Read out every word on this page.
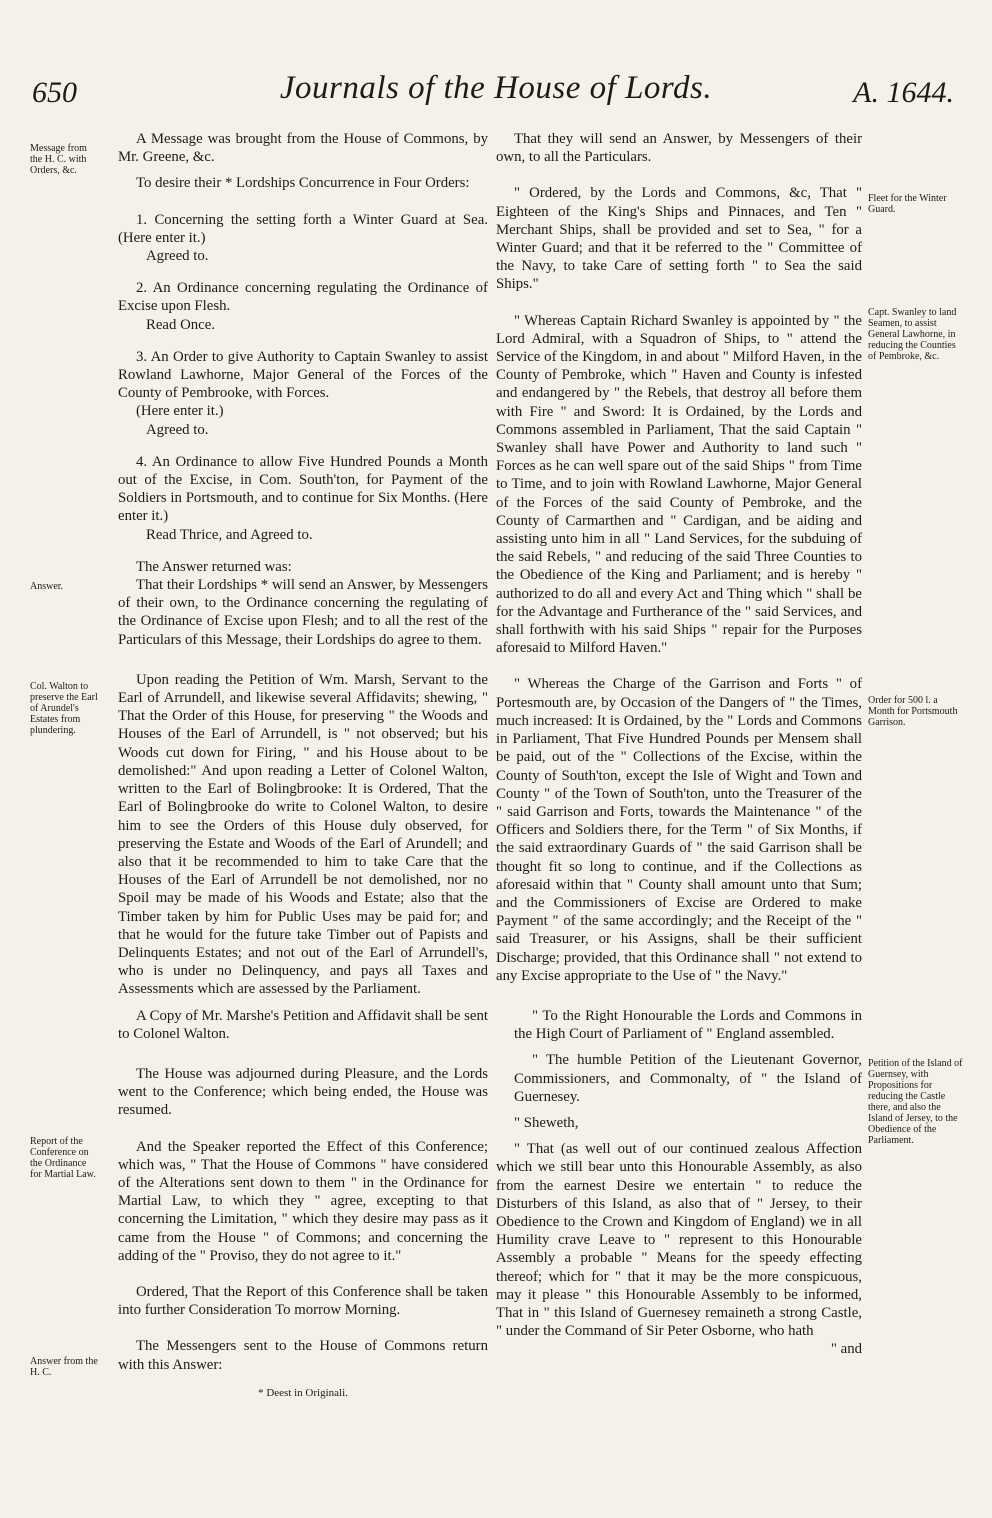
650	Journals of the House of Lords.	A. 1644.
Message from the H. C. with Orders, &c.
Answer.
Col. Walton to preserve the Earl of Arundel's Estates from plundering.
Report of the Conference on the Ordinance for Martial Law.
Answer from the H. C.
Fleet for the Winter Guard.
Capt. Swanley to land Seamen, to assist General Lawhorne, in reducing the Counties of Pembroke, &c.
Order for 500 l. a Month for Portsmouth Garrison.
Petition of the Island of Guernsey, with Propositions for reducing the Castle there, and also the Island of Jersey, to the Obedience of the Parliament.

A Message was brought from the House of Commons, by Mr. Greene, &c.

To desire their * Lordships Concurrence in Four Orders:

1. Concerning the setting forth a Winter Guard at Sea. (Here enter it.)

Agreed to.

2. An Ordinance concerning regulating the Ordinance of Excise upon Flesh.

Read Once.

3. An Order to give Authority to Captain Swanley to assist Rowland Lawhorne, Major General of the Forces of the County of Pembrooke, with Forces.

(Here enter it.)

Agreed to.

4. An Ordinance to allow Five Hundred Pounds a Month out of the Excise, in Com. South'ton, for Payment of the Soldiers in Portsmouth, and to continue for Six Months. (Here enter it.)

Read Thrice, and Agreed to.

The Answer returned was:

That their Lordships * will send an Answer, by Messengers of their own, to the Ordinance concerning the regulating of the Ordinance of Excise upon Flesh; and to all the rest of the Particulars of this Message, their Lordships do agree to them.

Upon reading the Petition of Wm. Marsh, Servant to the Earl of Arrundell, and likewise several Affidavits; shewing, " That the Order of this House, for preserving " the Woods and Houses of the Earl of Arrundell, is " not observed; but his Woods cut down for Firing, " and his House about to be demolished:" And upon reading a Letter of Colonel Walton, written to the Earl of Bolingbrooke: It is Ordered, That the Earl of Bolingbrooke do write to Colonel Walton, to desire him to see the Orders of this House duly observed, for preserving the Estate and Woods of the Earl of Arundell; and also that it be recommended to him to take Care that the Houses of the Earl of Arrundell be not demolished, nor no Spoil may be made of his Woods and Estate; also that the Timber taken by him for Public Uses may be paid for; and that he would for the future take Timber out of Papists and Delinquents Estates; and not out of the Earl of Arrundell's, who is under no Delinquency, and pays all Taxes and Assessments which are assessed by the Parliament.

A Copy of Mr. Marshe's Petition and Affidavit shall be sent to Colonel Walton.

The House was adjourned during Pleasure, and the Lords went to the Conference; which being ended, the House was resumed.

And the Speaker reported the Effect of this Conference; which was, " That the House of Commons " have considered of the Alterations sent down to them " in the Ordinance for Martial Law, to which they " agree, excepting to that concerning the Limitation, " which they desire may pass as it came from the House " of Commons; and concerning the adding of the " Proviso, they do not agree to it."

Ordered, That the Report of this Conference shall be taken into further Consideration To morrow Morning.

The Messengers sent to the House of Commons return with this Answer:

* Deest in Originali.

That they will send an Answer, by Messengers of their own, to all the Particulars.

" Ordered, by the Lords and Commons, &c, That " Eighteen of the King's Ships and Pinnaces, and Ten " Merchant Ships, shall be provided and set to Sea, " for a Winter Guard; and that it be referred to the " Committee of the Navy, to take Care of setting forth " to Sea the said Ships."

" Whereas Captain Richard Swanley is appointed by " the Lord Admiral, with a Squadron of Ships, to " attend the Service of the Kingdom, in and about " Milford Haven, in the County of Pembroke, which " Haven and County is infested and endangered by " the Rebels, that destroy all before them with Fire " and Sword: It is Ordained, by the Lords and Commons assembled in Parliament, That the said Captain " Swanley shall have Power and Authority to land such " Forces as he can well spare out of the said Ships " from Time to Time, and to join with Rowland Lawhorne, Major General of the Forces of the said County of Pembroke, and the County of Carmarthen and " Cardigan, and be aiding and assisting unto him in all " Land Services, for the subduing of the said Rebels, " and reducing of the said Three Counties to the Obedience of the King and Parliament; and is hereby " authorized to do all and every Act and Thing which " shall be for the Advantage and Furtherance of the " said Services, and shall forthwith with his said Ships " repair for the Purposes aforesaid to Milford Haven."

" Whereas the Charge of the Garrison and Forts " of Portesmouth are, by Occasion of the Dangers of " the Times, much increased: It is Ordained, by the " Lords and Commons in Parliament, That Five Hundred Pounds per Mensem shall be paid, out of the " Collections of the Excise, within the County of South'ton, except the Isle of Wight and Town and County " of the Town of South'ton, unto the Treasurer of the " said Garrison and Forts, towards the Maintenance " of the Officers and Soldiers there, for the Term " of Six Months, if the said extraordinary Guards of " the said Garrison shall be thought fit so long to continue, and if the Collections as aforesaid within that " County shall amount unto that Sum; and the Commissioners of Excise are Ordered to make Payment " of the same accordingly; and the Receipt of the " said Treasurer, or his Assigns, shall be their sufficient Discharge; provided, that this Ordinance shall " not extend to any Excise appropriate to the Use of " the Navy."

" To the Right Honourable the Lords and Commons in the High Court of Parliament of " England assembled.

" The humble Petition of the Lieutenant Governor, Commissioners, and Commonalty, of " the Island of Guernesey.

" Sheweth,

" That (as well out of our continued zealous Affection which we still bear unto this Honourable Assembly, as also from the earnest Desire we entertain " to reduce the Disturbers of this Island, as also that of " Jersey, to their Obedience to the Crown and Kingdom of England) we in all Humility crave Leave to " represent to this Honourable Assembly a probable " Means for the speedy effecting thereof; which for " that it may be the more conspicuous, may it please " this Honourable Assembly to be informed, That in " this Island of Guernesey remaineth a strong Castle, " under the Command of Sir Peter Osborne, who hath

" and
